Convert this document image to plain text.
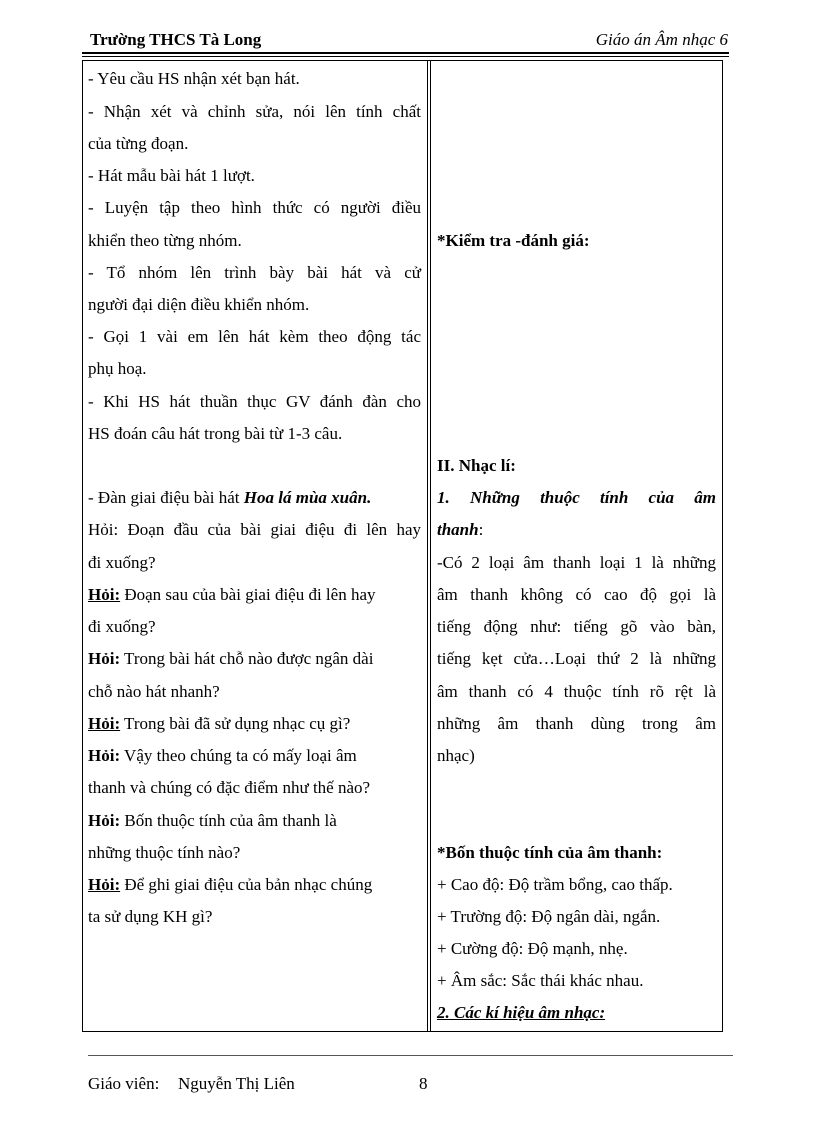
Trường THCS Tà Long	Giáo án Âm nhạc 6
- Yêu cầu HS nhận xét bạn hát.
- Nhận xét và chỉnh sửa, nói lên tính chất
của từng đoạn.
- Hát mẫu bài hát 1 lượt.
- Luyện tập theo hình thức có người điều
khiển theo từng nhóm.
- Tổ nhóm lên trình bày bài hát và cử
người đại diện điều khiển nhóm.
- Gọi 1 vài em lên hát kèm theo động tác
phụ hoạ.
- Khi HS hát thuần thục GV đánh đàn cho
HS đoán câu hát trong bài từ 1-3 câu.
- Đàn giai điệu bài hát Hoa lá mùa xuân.
Hỏi: Đoạn đầu của bài giai điệu đi lên hay
đi xuống?
Hỏi: Đoạn sau của bài giai điệu đi lên hay
đi xuống?
Hỏi: Trong bài hát chỗ nào được ngân dài
chỗ nào hát nhanh?
Hỏi: Trong bài đã sử dụng nhạc cụ gì?
Hỏi: Vậy theo chúng ta có mấy loại âm
thanh và chúng có đặc điểm như thế nào?
Hỏi: Bốn thuộc tính của âm thanh là
những thuộc tính nào?
Hỏi: Để ghi giai điệu của bản nhạc chúng
ta sử dụng KH gì?
*Kiểm tra -đánh giá:
II. Nhạc lí:
1. Những thuộc tính của âm
thanh:
-Có 2 loại âm thanh loại 1 là những
âm thanh không có cao độ gọi là
tiếng động như: tiếng gõ vào bàn,
tiếng kẹt cửa…Loại thứ 2 là những
âm thanh có 4 thuộc tính rõ rệt là
những âm thanh dùng trong âm
nhạc)
*Bốn thuộc tính của âm thanh:
+ Cao độ: Độ trầm bổng, cao thấp.
+ Trường độ: Độ ngân dài, ngắn.
+ Cường độ: Độ mạnh, nhẹ.
+ Âm sắc: Sắc thái khác nhau.
2. Các kí hiệu âm nhạc:
Giáo viên: Nguyễn Thị Liên	8
